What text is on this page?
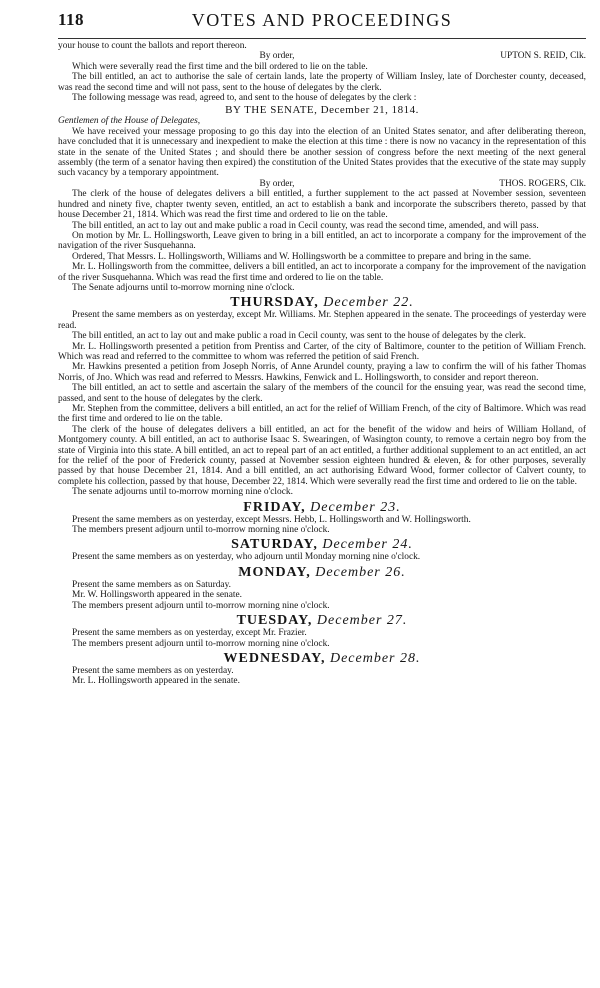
118	VOTES AND PROCEEDINGS

your house to count the ballots and report thereon.

By order,	UPTON S. REID, Clk.

Which were severally read the first time and the bill ordered to lie on the table.

The bill entitled, an act to authorise the sale of certain lands, late the property of William Insley, late of Dorchester county, deceased, was read the second time and will not pass, sent to the house of delegates by the clerk.

The following message was read, agreed to, and sent to the house of delegates by the clerk :

BY THE SENATE, December 21, 1814.

Gentlemen of the House of Delegates,

We have received your message proposing to go this day into the election of an United States senator, and after deliberating thereon, have concluded that it is unnecessary and inexpedient to make the election at this time : there is now no vacancy in the representation of this state in the senate of the United States ; and should there be another session of congress before the next meeting of the next general assembly (the term of a senator having then expired) the constitution of the United States provides that the executive of the state may supply such vacancy by a temporary appointment.

By order,	THOS. ROGERS, Clk.

The clerk of the house of delegates delivers a bill entitled, a further supplement to the act passed at November session, seventeen hundred and ninety five, chapter twenty seven, entitled, an act to establish a bank and incorporate the subscribers thereto, passed by that house December 21, 1814. Which was read the first time and ordered to lie on the table.

The bill entitled, an act to lay out and make public a road in Cecil county, was read the second time, amended, and will pass.

On motion by Mr. L. Hollingsworth, Leave given to bring in a bill entitled, an act to incorporate a company for the improvement of the navigation of the river Susquehanna.

Ordered, That Messrs. L. Hollingsworth, Williams and W. Hollingsworth be a committee to prepare and bring in the same.

Mr. L. Hollingsworth from the committee, delivers a bill entitled, an act to incorporate a company for the improvement of the navigation of the river Susquehanna. Which was read the first time and ordered to lie on the table.

The Senate adjourns until to-morrow morning nine o'clock.

THURSDAY, December 22.

Present the same members as on yesterday, except Mr. Williams. Mr. Stephen appeared in the senate. The proceedings of yesterday were read.

The bill entitled, an act to lay out and make public a road in Cecil county, was sent to the house of delegates by the clerk.

Mr. L. Hollingsworth presented a petition from Prentiss and Carter, of the city of Baltimore, counter to the petition of William French. Which was read and referred to the committee to whom was referred the petition of said French.

Mr. Hawkins presented a petition from Joseph Norris, of Anne Arundel county, praying a law to confirm the will of his father Thomas Norris, of Jno. Which was read and referred to Messrs. Hawkins, Fenwick and L. Hollingsworth, to consider and report thereon.

The bill entitled, an act to settle and ascertain the salary of the members of the council for the ensuing year, was read the second time, passed, and sent to the house of delegates by the clerk.

Mr. Stephen from the committee, delivers a bill entitled, an act for the relief of William French, of the city of Baltimore. Which was read the first time and ordered to lie on the table.

The clerk of the house of delegates delivers a bill entitled, an act for the benefit of the widow and heirs of William Holland, of Montgomery county. A bill entitled, an act to authorise Isaac S. Swearingen, of Wasington county, to remove a certain negro boy from the state of Virginia into this state. A bill entitled, an act to repeal part of an act entitled, a further additional supplement to an act entitled, an act for the relief of the poor of Frederick county, passed at November session eighteen hundred & eleven, & for other purposes, severally passed by that house December 21, 1814. And a bill entitled, an act authorising Edward Wood, former collector of Calvert county, to complete his collection, passed by that house, December 22, 1814. Which were severally read the first time and ordered to lie on the table.

The senate adjourns until to-morrow morning nine o'clock.

FRIDAY, December 23.

Present the same members as on yesterday, except Messrs. Hebb, L. Hollingsworth and W. Hollingsworth.

The members present adjourn until to-morrow morning nine o'clock.

SATURDAY, December 24.

Present the same members as on yesterday, who adjourn until Monday morning nine o'clock.

MONDAY, December 26.

Present the same members as on Saturday.

Mr. W. Hollingsworth appeared in the senate.

The members present adjourn until to-morrow morning nine o'clock.

TUESDAY, December 27.

Present the same members as on yesterday, except Mr. Frazier.

The members present adjourn until to-morrow morning nine o'clock.

WEDNESDAY, December 28.

Present the same members as on yesterday.

Mr. L. Hollingsworth appeared in the senate.
